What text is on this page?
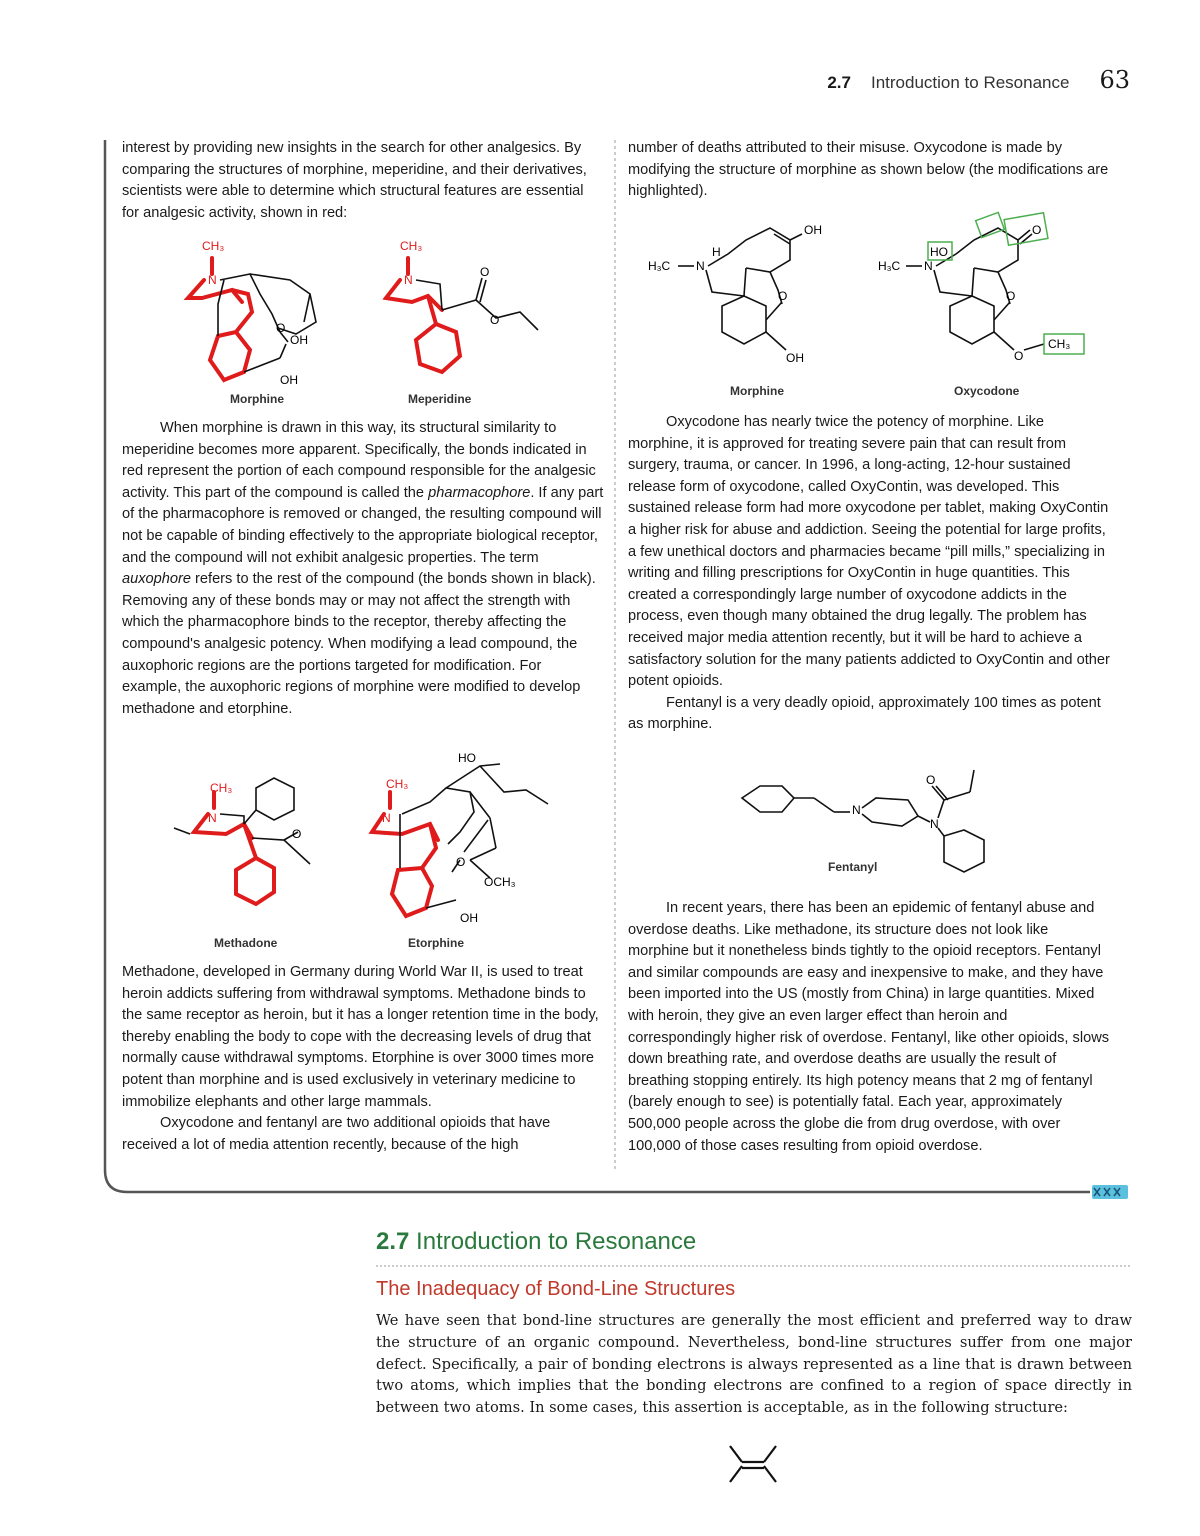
2.7 Introduction to Resonance 63

interest by providing new insights in the search for other analgesics. By comparing the structures of morphine, meperidine, and their derivatives, scientists were able to determine which structural features are essential for analgesic activity, shown in red:

CH₃
N
O
OH
OH
CH₃
N
O
O
Morphine	Meperidine

When morphine is drawn in this way, its structural similarity to meperidine becomes more apparent. Specifically, the bonds indicated in red represent the portion of each compound responsible for the analgesic activity. This part of the compound is called the pharmacophore. If any part of the pharmacophore is removed or changed, the resulting compound will not be capable of binding effectively to the appropriate biological receptor, and the compound will not exhibit analgesic properties. The term auxophore refers to the rest of the compound (the bonds shown in black). Removing any of these bonds may or may not affect the strength with which the pharmacophore binds to the receptor, thereby affecting the compound's analgesic potency. When modifying a lead compound, the auxophoric regions are the portions targeted for modification. For example, the auxophoric regions of morphine were modified to develop methadone and etorphine.

CH₃
N
O
HO
CH₃
N
O
OCH₃
OH
Methadone	Etorphine

Methadone, developed in Germany during World War II, is used to treat heroin addicts suffering from withdrawal symptoms. Methadone binds to the same receptor as heroin, but it has a longer retention time in the body, thereby enabling the body to cope with the decreasing levels of drug that normally cause withdrawal symptoms. Etorphine is over 3000 times more potent than morphine and is used exclusively in veterinary medicine to immobilize elephants and other large mammals.

Oxycodone and fentanyl are two additional opioids that have received a lot of media attention recently, because of the high

number of deaths attributed to their misuse. Oxycodone is made by modifying the structure of morphine as shown below (the modifications are highlighted).

H₃C N
H
OH
O
OH
H₃C N
HO
O
O
O
CH₃
Morphine	Oxycodone

Oxycodone has nearly twice the potency of morphine. Like morphine, it is approved for treating severe pain that can result from surgery, trauma, or cancer. In 1996, a long-acting, 12-hour sustained release form of oxycodone, called OxyContin, was developed. This sustained release form had more oxycodone per tablet, making OxyContin a higher risk for abuse and addiction. Seeing the potential for large profits, a few unethical doctors and pharmacies became “pill mills,” specializing in writing and filling prescriptions for OxyContin in huge quantities. This created a correspondingly large number of oxycodone addicts in the process, even though many obtained the drug legally. The problem has received major media attention recently, but it will be hard to achieve a satisfactory solution for the many patients addicted to OxyContin and other potent opioids.

Fentanyl is a very deadly opioid, approximately 100 times as potent as morphine.

N
O
N
Fentanyl

In recent years, there has been an epidemic of fentanyl abuse and overdose deaths. Like methadone, its structure does not look like morphine but it nonetheless binds tightly to the opioid receptors. Fentanyl and similar compounds are easy and inexpensive to make, and they have been imported into the US (mostly from China) in large quantities. Mixed with heroin, they give an even larger effect than heroin and correspondingly higher risk of overdose. Fentanyl, like other opioids, slows down breathing rate, and overdose deaths are usually the result of breathing stopping entirely. Its high potency means that 2 mg of fentanyl (barely enough to see) is potentially fatal. Each year, approximately 500,000 people across the globe die from drug overdose, with over 100,000 of those cases resulting from opioid overdose.

2.7 Introduction to Resonance
The Inadequacy of Bond-Line Structures

We have seen that bond-line structures are generally the most efficient and preferred way to draw the structure of an organic compound. Nevertheless, bond-line structures suffer from one major defect. Specifically, a pair of bonding electrons is always represented as a line that is drawn between two atoms, which implies that the bonding electrons are confined to a region of space directly in between two atoms. In some cases, this assertion is acceptable, as in the following structure:
